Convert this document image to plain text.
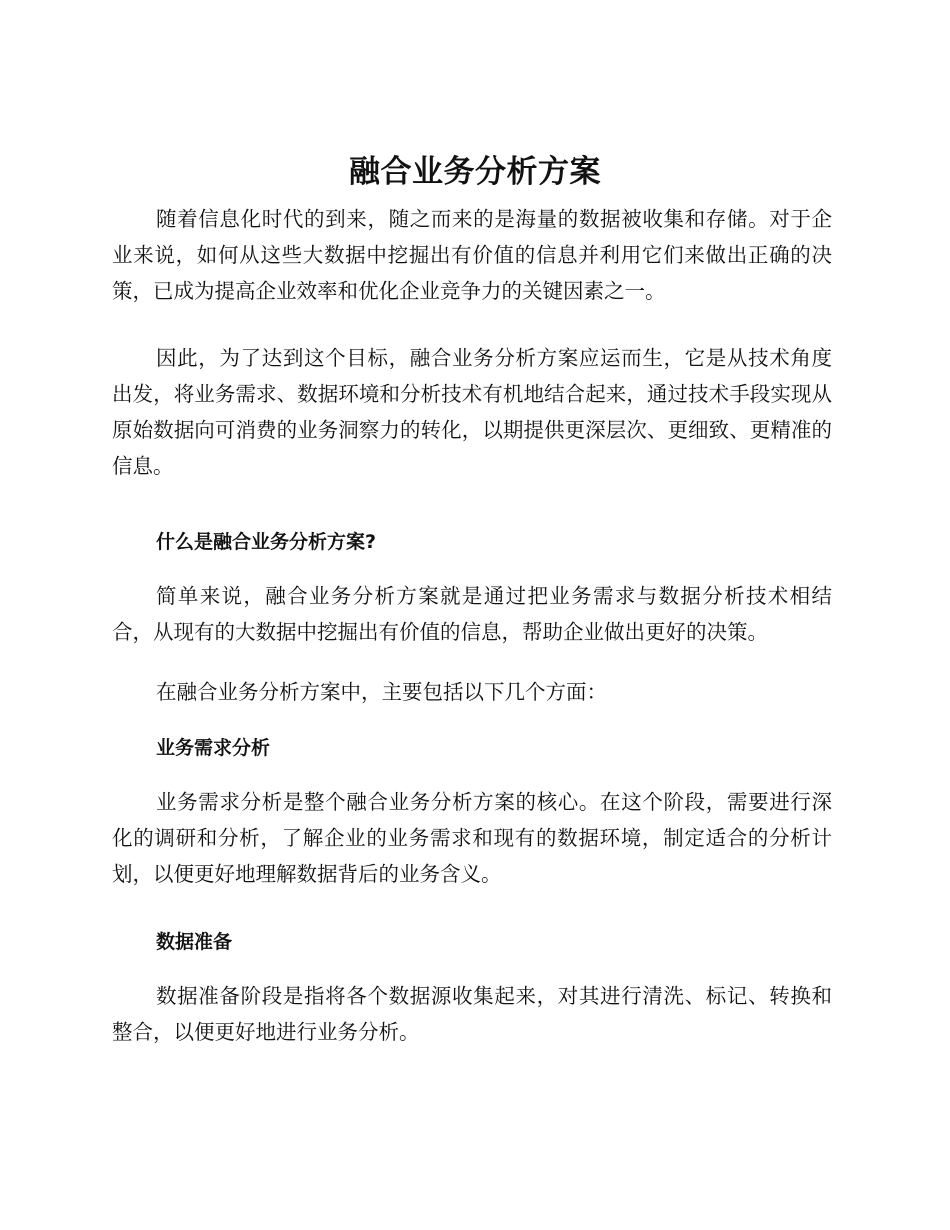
融合业务分析方案

随着信息化时代的到来，随之而来的是海量的数据被收集和存储。对于企业来说，如何从这些大数据中挖掘出有价值的信息并利用它们来做出正确的决策，已成为提高企业效率和优化企业竞争力的关键因素之一。

因此，为了达到这个目标，融合业务分析方案应运而生，它是从技术角度出发，将业务需求、数据环境和分析技术有机地结合起来，通过技术手段实现从原始数据向可消费的业务洞察力的转化，以期提供更深层次、更细致、更精准的信息。

什么是融合业务分析方案?

简单来说，融合业务分析方案就是通过把业务需求与数据分析技术相结合，从现有的大数据中挖掘出有价值的信息，帮助企业做出更好的决策。

在融合业务分析方案中，主要包括以下几个方面：

业务需求分析

业务需求分析是整个融合业务分析方案的核心。在这个阶段，需要进行深化的调研和分析，了解企业的业务需求和现有的数据环境，制定适合的分析计划，以便更好地理解数据背后的业务含义。

数据准备

数据准备阶段是指将各个数据源收集起来，对其进行清洗、标记、转换和整合，以便更好地进行业务分析。
